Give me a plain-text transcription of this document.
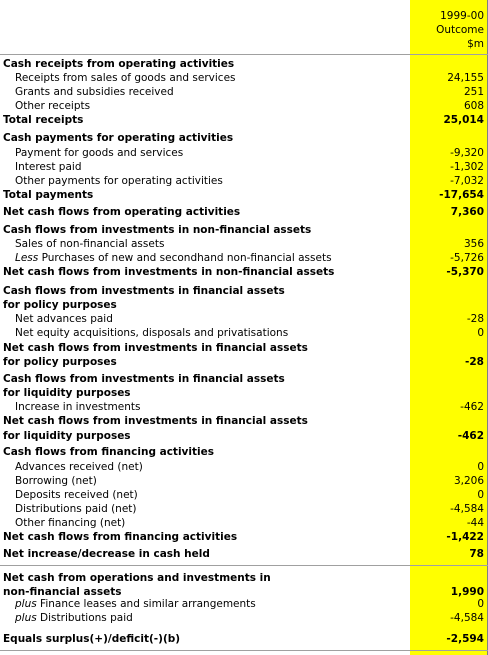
1999-00
Outcome
$m
Cash receipts from operating activities
Receipts from sales of goods and services	24,155
Grants and subsidies received	251
Other receipts	608
Total receipts	25,014
Cash payments for operating activities
Payment for goods and services	-9,320
Interest paid	-1,302
Other payments for operating activities	-7,032
Total payments	-17,654
Net cash flows from operating activities	7,360
Cash flows from investments in non-financial assets
Sales of non-financial assets	356
Less Purchases of new and secondhand non-financial assets	-5,726
Net cash flows from investments in non-financial assets	-5,370
Cash flows from investments in financial assets
for policy purposes
Net advances paid	-28
Net equity acquisitions, disposals and privatisations	0
Net cash flows from investments in financial assets
for policy purposes	-28
Cash flows from investments in financial assets
for liquidity purposes
Increase in investments	-462
Net cash flows from investments in financial assets
for liquidity purposes	-462
Cash flows from financing activities
Advances received (net)	0
Borrowing (net)	3,206
Deposits received (net)	0
Distributions paid (net)	-4,584
Other financing (net)	-44
Net cash flows from financing activities	-1,422
Net increase/decrease in cash held	78
Net cash from operations and investments in
non-financial assets	1,990
plus Finance leases and similar arrangements	0
plus Distributions paid	-4,584
Equals surplus(+)/deficit(-)(b)	-2,594
